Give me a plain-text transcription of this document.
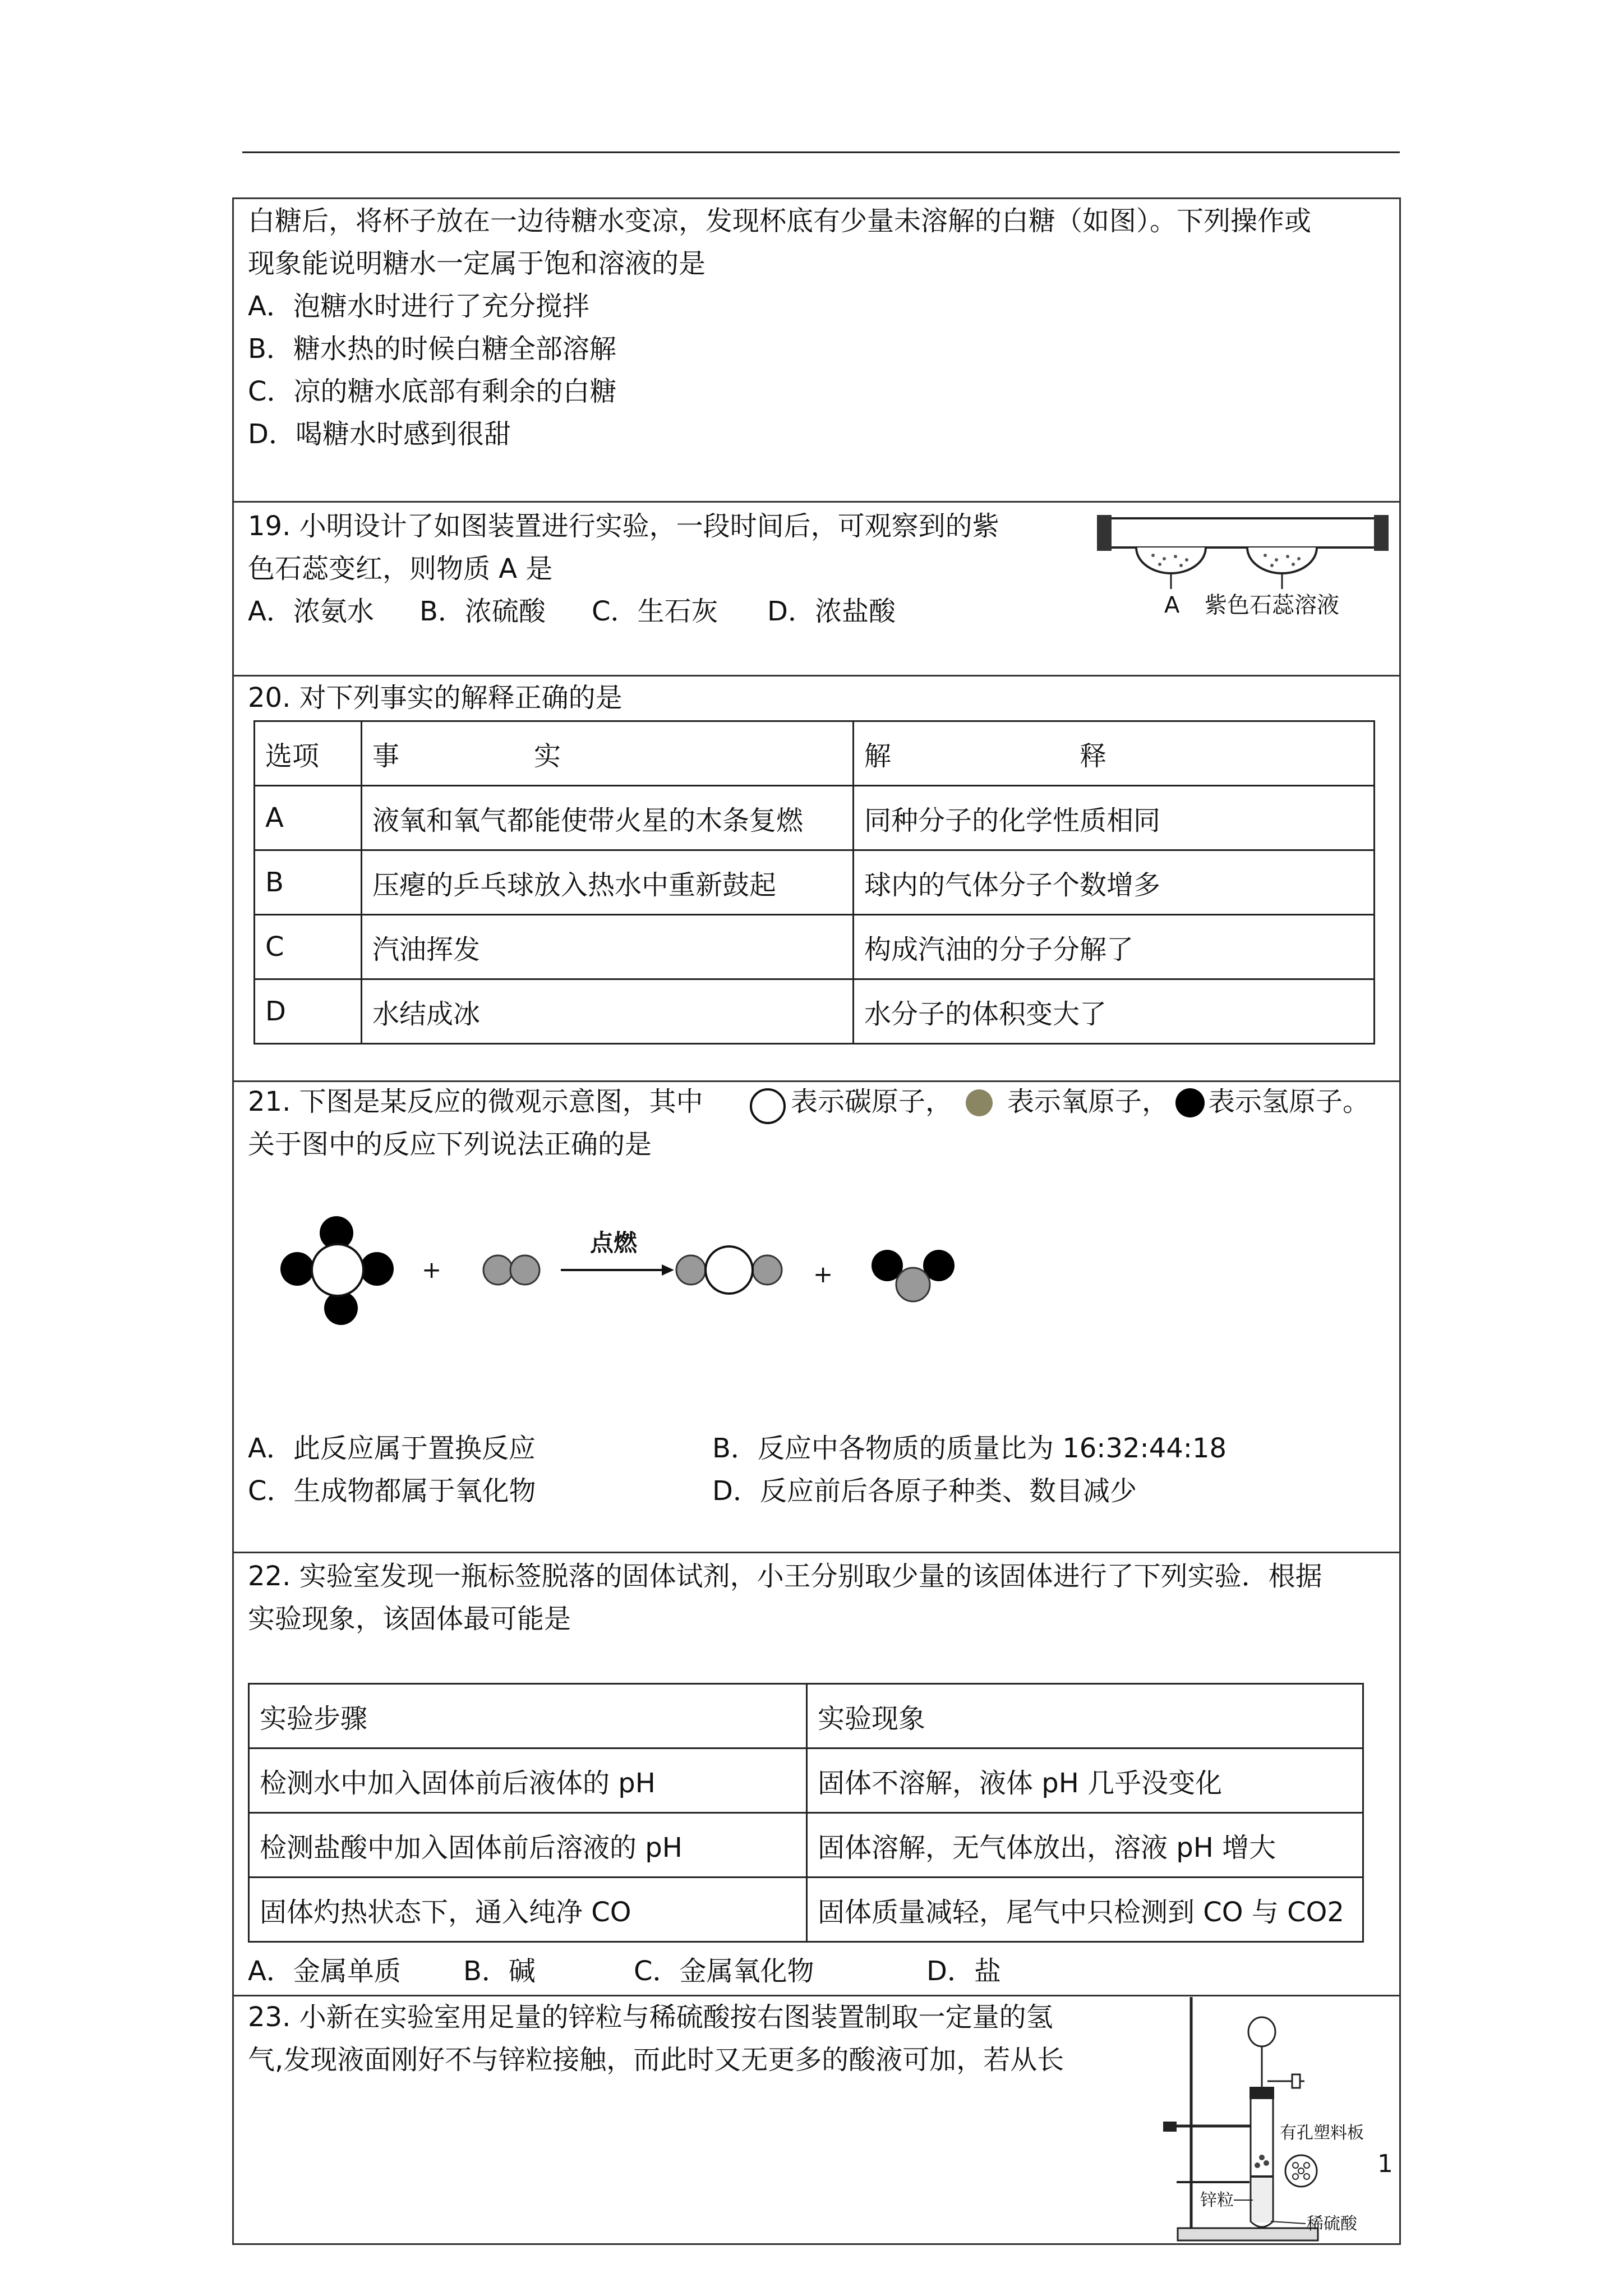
白糖后，将杯子放在一边待糖水变凉，发现杯底有少量未溶解的白糖（如图）。下列操作或
现象能说明糖水一定属于饱和溶液的是
A．泡糖水时进行了充分搅拌
B．糖水热的时候白糖全部溶解
C．凉的糖水底部有剩余的白糖
D．喝糖水时感到很甜
19. 小明设计了如图装置进行实验，一段时间后，可观察到的紫
色石蕊变红，则物质 A 是
A．浓氨水 B．浓硫酸 C．生石灰 D．浓盐酸	A 紫色石蕊溶液
20. 对下列事实的解释正确的是
选项	事　　　　　实	解　　　　　　　释
A	液氧和氧气都能使带火星的木条复燃	同种分子的化学性质相同
B	压瘪的乒乓球放入热水中重新鼓起	球内的气体分子个数增多
C	汽油挥发	构成汽油的分子分解了
D	水结成冰	水分子的体积变大了
21. 下图是某反应的微观示意图，其中	表示碳原子， 表示氧原子， 表示氢原子。
关于图中的反应下列说法正确的是
+
点燃
+
A．此反应属于置换反应	B．反应中各物质的质量比为 16:32:44:18
C．生成物都属于氧化物	D．反应前后各原子种类、数目减少
22. 实验室发现一瓶标签脱落的固体试剂，小王分别取少量的该固体进行了下列实验．根据
实验现象，该固体最可能是
实验步骤	实验现象
检测水中加入固体前后液体的 pH	固体不溶解，液体 pH 几乎没变化
检测盐酸中加入固体前后溶液的 pH	固体溶解，无气体放出，溶液 pH 增大
固体灼热状态下，通入纯净 CO	固体质量减轻，尾气中只检测到 CO 与 CO2
A．金属单质 B．碱	C．金属氧化物	D．盐
23. 小新在实验室用足量的锌粒与稀硫酸按右图装置制取一定量的氢
气,发现液面刚好不与锌粒接触，而此时又无更多的酸液可加，若从长
有孔塑料板
锌粒
稀硫酸
1
